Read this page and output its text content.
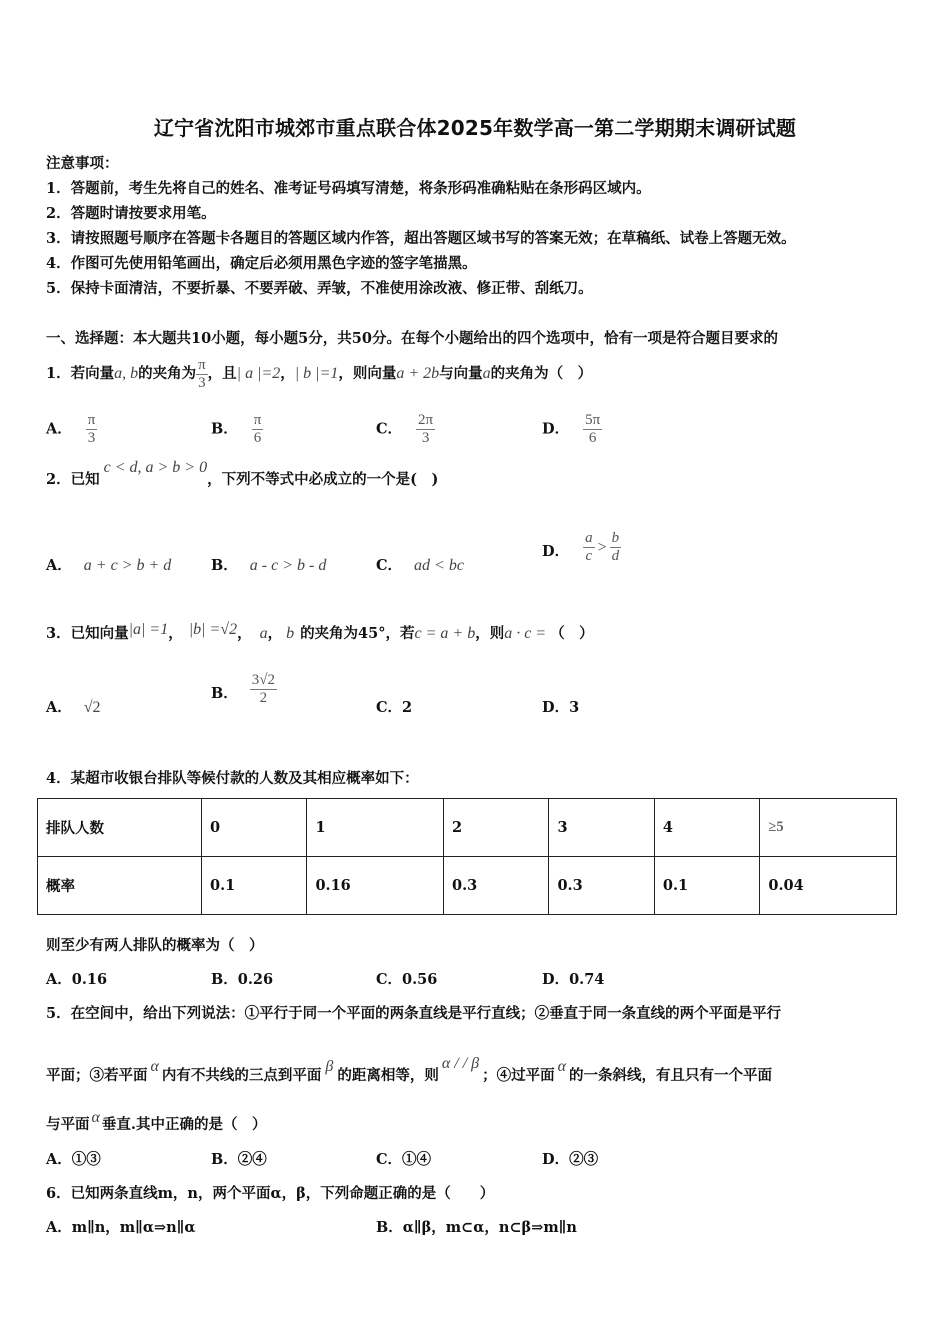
辽宁省沈阳市城郊市重点联合体2025年数学高一第二学期期末调研试题
注意事项：
1．答题前，考生先将自己的姓名、准考证号码填写清楚，将条形码准确粘贴在条形码区域内。
2．答题时请按要求用笔。
3．请按照题号顺序在答题卡各题目的答题区域内作答，超出答题区域书写的答案无效；在草稿纸、试卷上答题无效。
4．作图可先使用铅笔画出，确定后必须用黑色字迹的签字笔描黑。
5．保持卡面清洁，不要折暴、不要弄破、弄皱，不准使用涂改液、修正带、刮纸刀。
一、选择题：本大题共10小题，每小题5分，共50分。在每个小题给出的四个选项中，恰有一项是符合题目要求的
1．若向量a, b的夹角为 $\frac{\pi}{3}$ ，且| a |=2，| b |=1，则向量a + 2b与向量a的夹角为（　）
A． $\frac{\pi}{3}$	B． $\frac{\pi}{6}$	C． $\frac{2\pi}{3}$	D． $\frac{5\pi}{6}$
2．已知c < d, a > b > 0，下列不等式中必成立的一个是(　)
A． a + c > b + d	B． a - c > b - d	C． ad < bc
D． $\frac{a}{c} > \frac{b}{d}$
3．已知向量|a| =1， |b| =√2， a， b 的夹角为45°，若c = a + b，则a · c = （　）
A． √2
B． $\frac{3√2}{2}$
C．2	D．3
4．某超市收银台排队等候付款的人数及其相应概率如下：
排队人数	0	1	2	3	4	≥5
概率	0.1	0.16	0.3	0.3	0.1	0.04
则至少有两人排队的概率为（　）
A．0.16	B．0.26	C．0.56	D．0.74
5．在空间中，给出下列说法：①平行于同一个平面的两条直线是平行直线；②垂直于同一条直线的两个平面是平行
平面；③若平面α内有不共线的三点到平面β的距离相等，则α / / β；④过平面α的一条斜线，有且只有一个平面
与平面 α 垂直.其中正确的是（　）
A．①③	B．②④	C．①④	D．②③
6．已知两条直线m，n，两个平面α，β，下列命题正确的是（　　）
A．m∥n，m∥α⇒n∥α	B．α∥β，m⊂α，n⊂β⇒m∥n
